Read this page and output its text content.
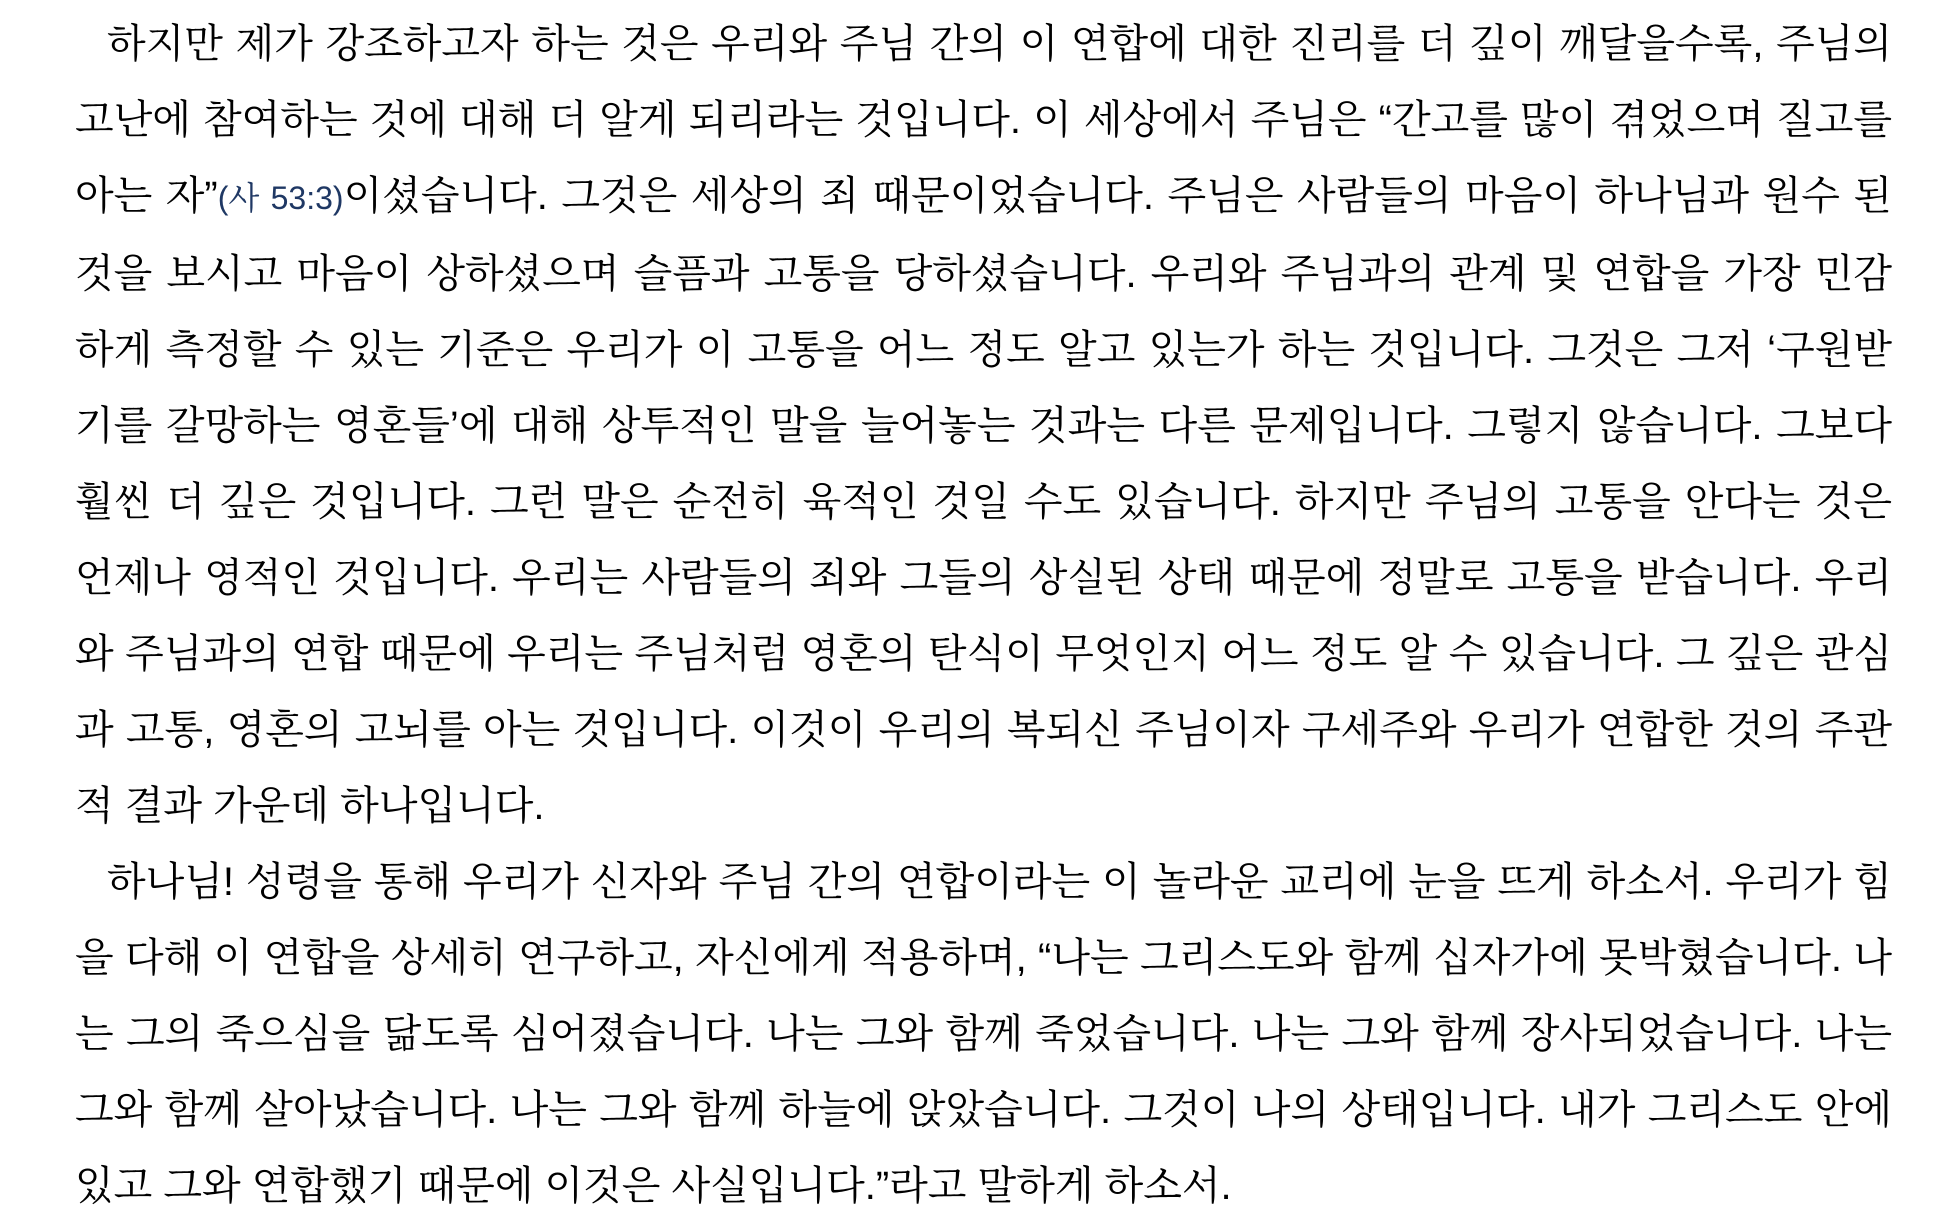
하지만 제가 강조하고자 하는 것은 우리와 주님 간의 이 연합에 대한 진리를 더 깊이 깨달을수록, 주님의 고난에 참여하는 것에 대해 더 알게 되리라는 것입니다. 이 세상에서 주님은 “간고를 많이 겪었으며 질고를 아는 자”(사 53:3)이셨습니다. 그것은 세상의 죄 때문이었습니다. 주님은 사람들의 마음이 하나님과 원수 된 것을 보시고 마음이 상하셨으며 슬픔과 고통을 당하셨습니다. 우리와 주님과의 관계 및 연합을 가장 민감하게 측정할 수 있는 기준은 우리가 이 고통을 어느 정도 알고 있는가 하는 것입니다. 그것은 그저 ‘구원받기를 갈망하는 영혼들’에 대해 상투적인 말을 늘어놓는 것과는 다른 문제입니다. 그렇지 않습니다. 그보다 훨씬 더 깊은 것입니다. 그런 말은 순전히 육적인 것일 수도 있습니다. 하지만 주님의 고통을 안다는 것은 언제나 영적인 것입니다. 우리는 사람들의 죄와 그들의 상실된 상태 때문에 정말로 고통을 받습니다. 우리와 주님과의 연합 때문에 우리는 주님처럼 영혼의 탄식이 무엇인지 어느 정도 알 수 있습니다. 그 깊은 관심과 고통, 영혼의 고뇌를 아는 것입니다. 이것이 우리의 복되신 주님이자 구세주와 우리가 연합한 것의 주관적 결과 가운데 하나입니다.

하나님! 성령을 통해 우리가 신자와 주님 간의 연합이라는 이 놀라운 교리에 눈을 뜨게 하소서. 우리가 힘을 다해 이 연합을 상세히 연구하고, 자신에게 적용하며, “나는 그리스도와 함께 십자가에 못박혔습니다. 나는 그의 죽으심을 닮도록 심어졌습니다. 나는 그와 함께 죽었습니다. 나는 그와 함께 장사되었습니다. 나는 그와 함께 살아났습니다. 나는 그와 함께 하늘에 앉았습니다. 그것이 나의 상태입니다. 내가 그리스도 안에 있고 그와 연합했기 때문에 이것은 사실입니다.”라고 말하게 하소서.
